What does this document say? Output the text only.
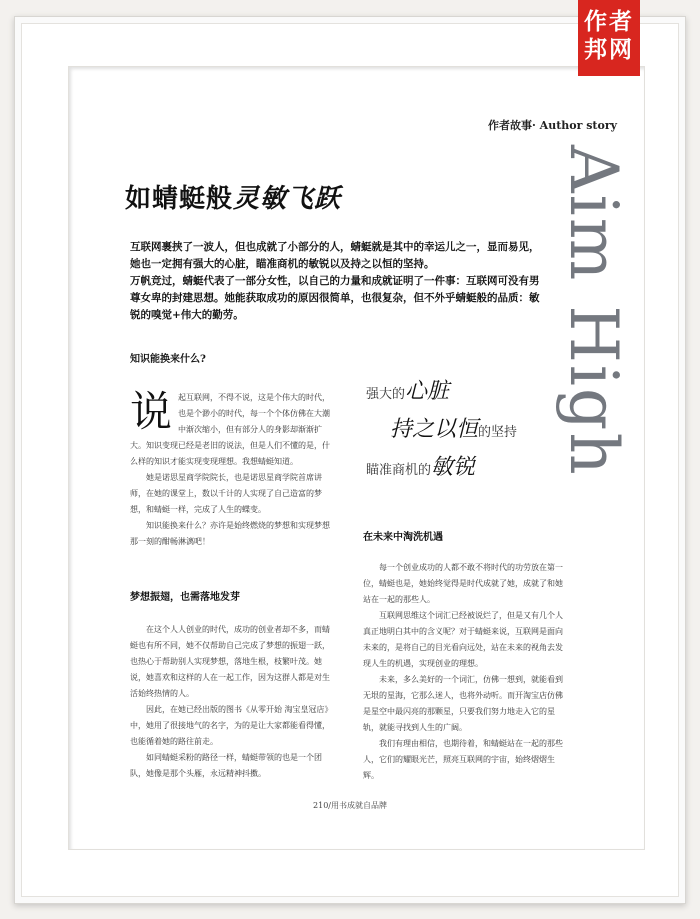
作者
邦网
作者故事· Author story
如蜻蜓般灵敏飞跃	Aim High

互联网裹挟了一波人，但也成就了小部分的人，蜻蜓就是其中的幸运儿之一，显而易见，她也一定拥有强大的心脏，瞄准商机的敏锐以及持之以恒的坚持。

万帆竞过，蜻蜓代表了一部分女性，以自己的力量和成就证明了一件事：互联网可没有男尊女卑的封建思想。她能获取成功的原因很简单，也很复杂，但不外乎蜻蜓般的品质：敏锐的嗅觉+伟大的勤劳。

知识能换来什么?

说起互联网，不得不说，这是个伟大的时代，也是个渺小的时代，每一个个体仿佛在大潮中渐次缩小，但有部分人的身影却渐渐扩大。知识变现已经是老旧的说法，但是人们不懂的是，什么样的知识才能实现变现理想。我想蜻蜓知道。

她是诺思星商学院院长，也是诺思星商学院首席讲师，在她的课堂上，数以千计的人实现了自己造富的梦想，和蜻蜓一样，完成了人生的蝶变。

知识能换来什么？亦许是始终燃烧的梦想和实现梦想那一刻的酣畅淋漓吧！

梦想振翅，也需落地发芽

在这个人人创业的时代，成功的创业者却不多，而蜻蜓也有所不同，她不仅帮助自己完成了梦想的振翅一跃，也热心于帮助别人实现梦想，落地生根，枝繁叶茂。她说，她喜欢和这样的人在一起工作，因为这群人都是对生活始终热情的人。

因此，在她已经出版的图书《从零开始 淘宝皇冠店》中，她用了很接地气的名字，为的是让大家都能看得懂，也能循着她的路往前走。

如同蜻蜓采粉的路径一样，蜻蜓带领的也是一个团队，她像是那个头雁，永远精神抖擞。

强大的心脏
持之以恒的坚持
瞄准商机的敏锐
在未来中淘洗机遇

每一个创业成功的人都不敢不将时代的功劳放在第一位，蜻蜓也是，她始终觉得是时代成就了她，成就了和她站在一起的那些人。

互联网思维这个词汇已经被说烂了，但是又有几个人真正地明白其中的含义呢？对于蜻蜓来说，互联网是面向未来的，是将自己的目光看向远处，站在未来的视角去发现人生的机遇，实现创业的理想。

未来，多么美好的一个词汇，仿佛一想到，就能看到无垠的星海，它那么迷人，也将外动听。而开淘宝店仿佛是星空中最闪亮的那颗星，只要我们努力地走入它的星轨，就能寻找到人生的广阔。

我们有理由相信，也期待着，和蜻蜓站在一起的那些人，它们的耀眼光芒，照亮互联网的宇宙，始终熠熠生辉。

210/用书成就自品牌
